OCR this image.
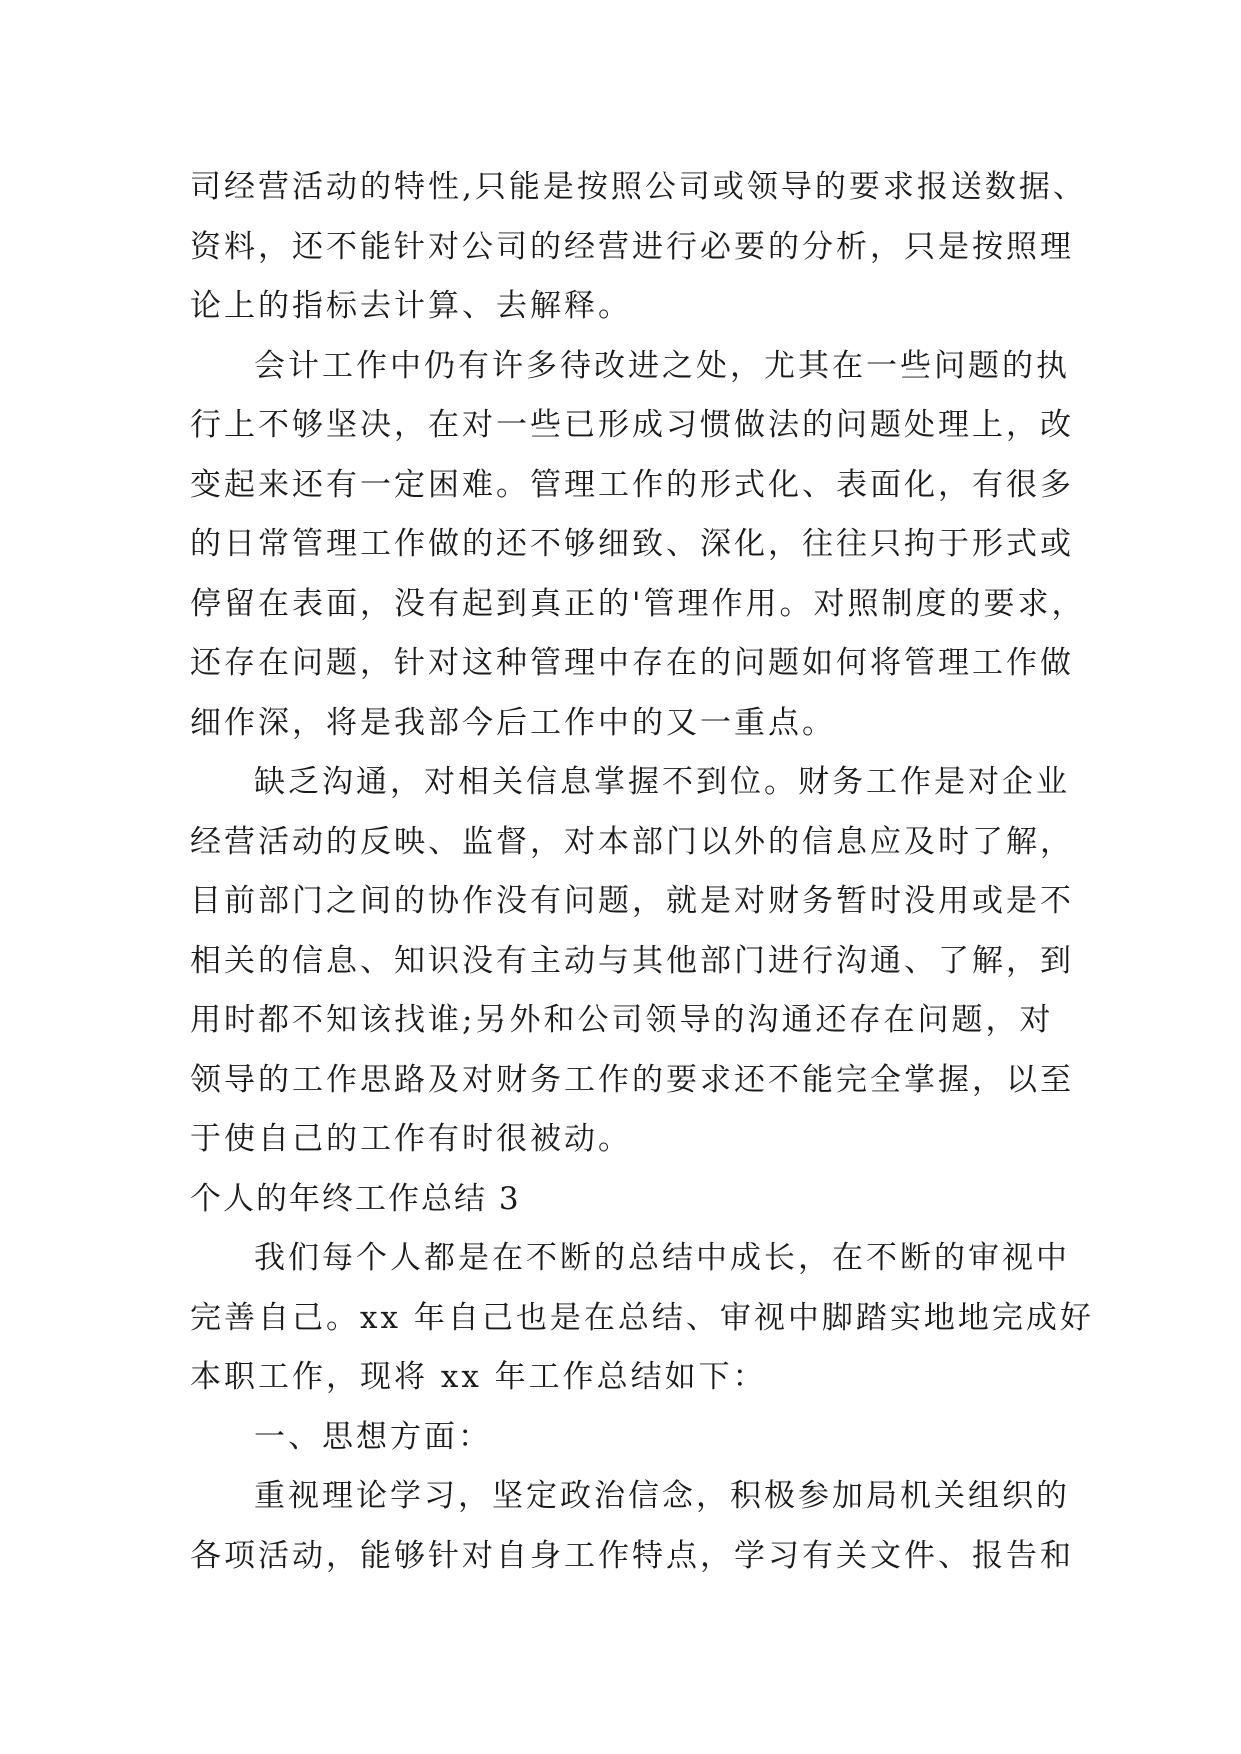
司经营活动的特性,只能是按照公司或领导的要求报送数据、
资料，还不能针对公司的经营进行必要的分析，只是按照理
论上的指标去计算、去解释。
会计工作中仍有许多待改进之处，尤其在一些问题的执
行上不够坚决，在对一些已形成习惯做法的问题处理上，改
变起来还有一定困难。管理工作的形式化、表面化，有很多
的日常管理工作做的还不够细致、深化，往往只拘于形式或
停留在表面，没有起到真正的'管理作用。对照制度的要求，
还存在问题，针对这种管理中存在的问题如何将管理工作做
细作深，将是我部今后工作中的又一重点。
缺乏沟通，对相关信息掌握不到位。财务工作是对企业
经营活动的反映、监督，对本部门以外的信息应及时了解，
目前部门之间的协作没有问题，就是对财务暂时没用或是不
相关的信息、知识没有主动与其他部门进行沟通、了解，到
用时都不知该找谁;另外和公司领导的沟通还存在问题，对
领导的工作思路及对财务工作的要求还不能完全掌握，以至
于使自己的工作有时很被动。
个人的年终工作总结 3
我们每个人都是在不断的总结中成长，在不断的审视中
完善自己。xx 年自己也是在总结、审视中脚踏实地地完成好
本职工作，现将 xx 年工作总结如下：
一、思想方面：
重视理论学习，坚定政治信念，积极参加局机关组织的
各项活动，能够针对自身工作特点，学习有关文件、报告和
